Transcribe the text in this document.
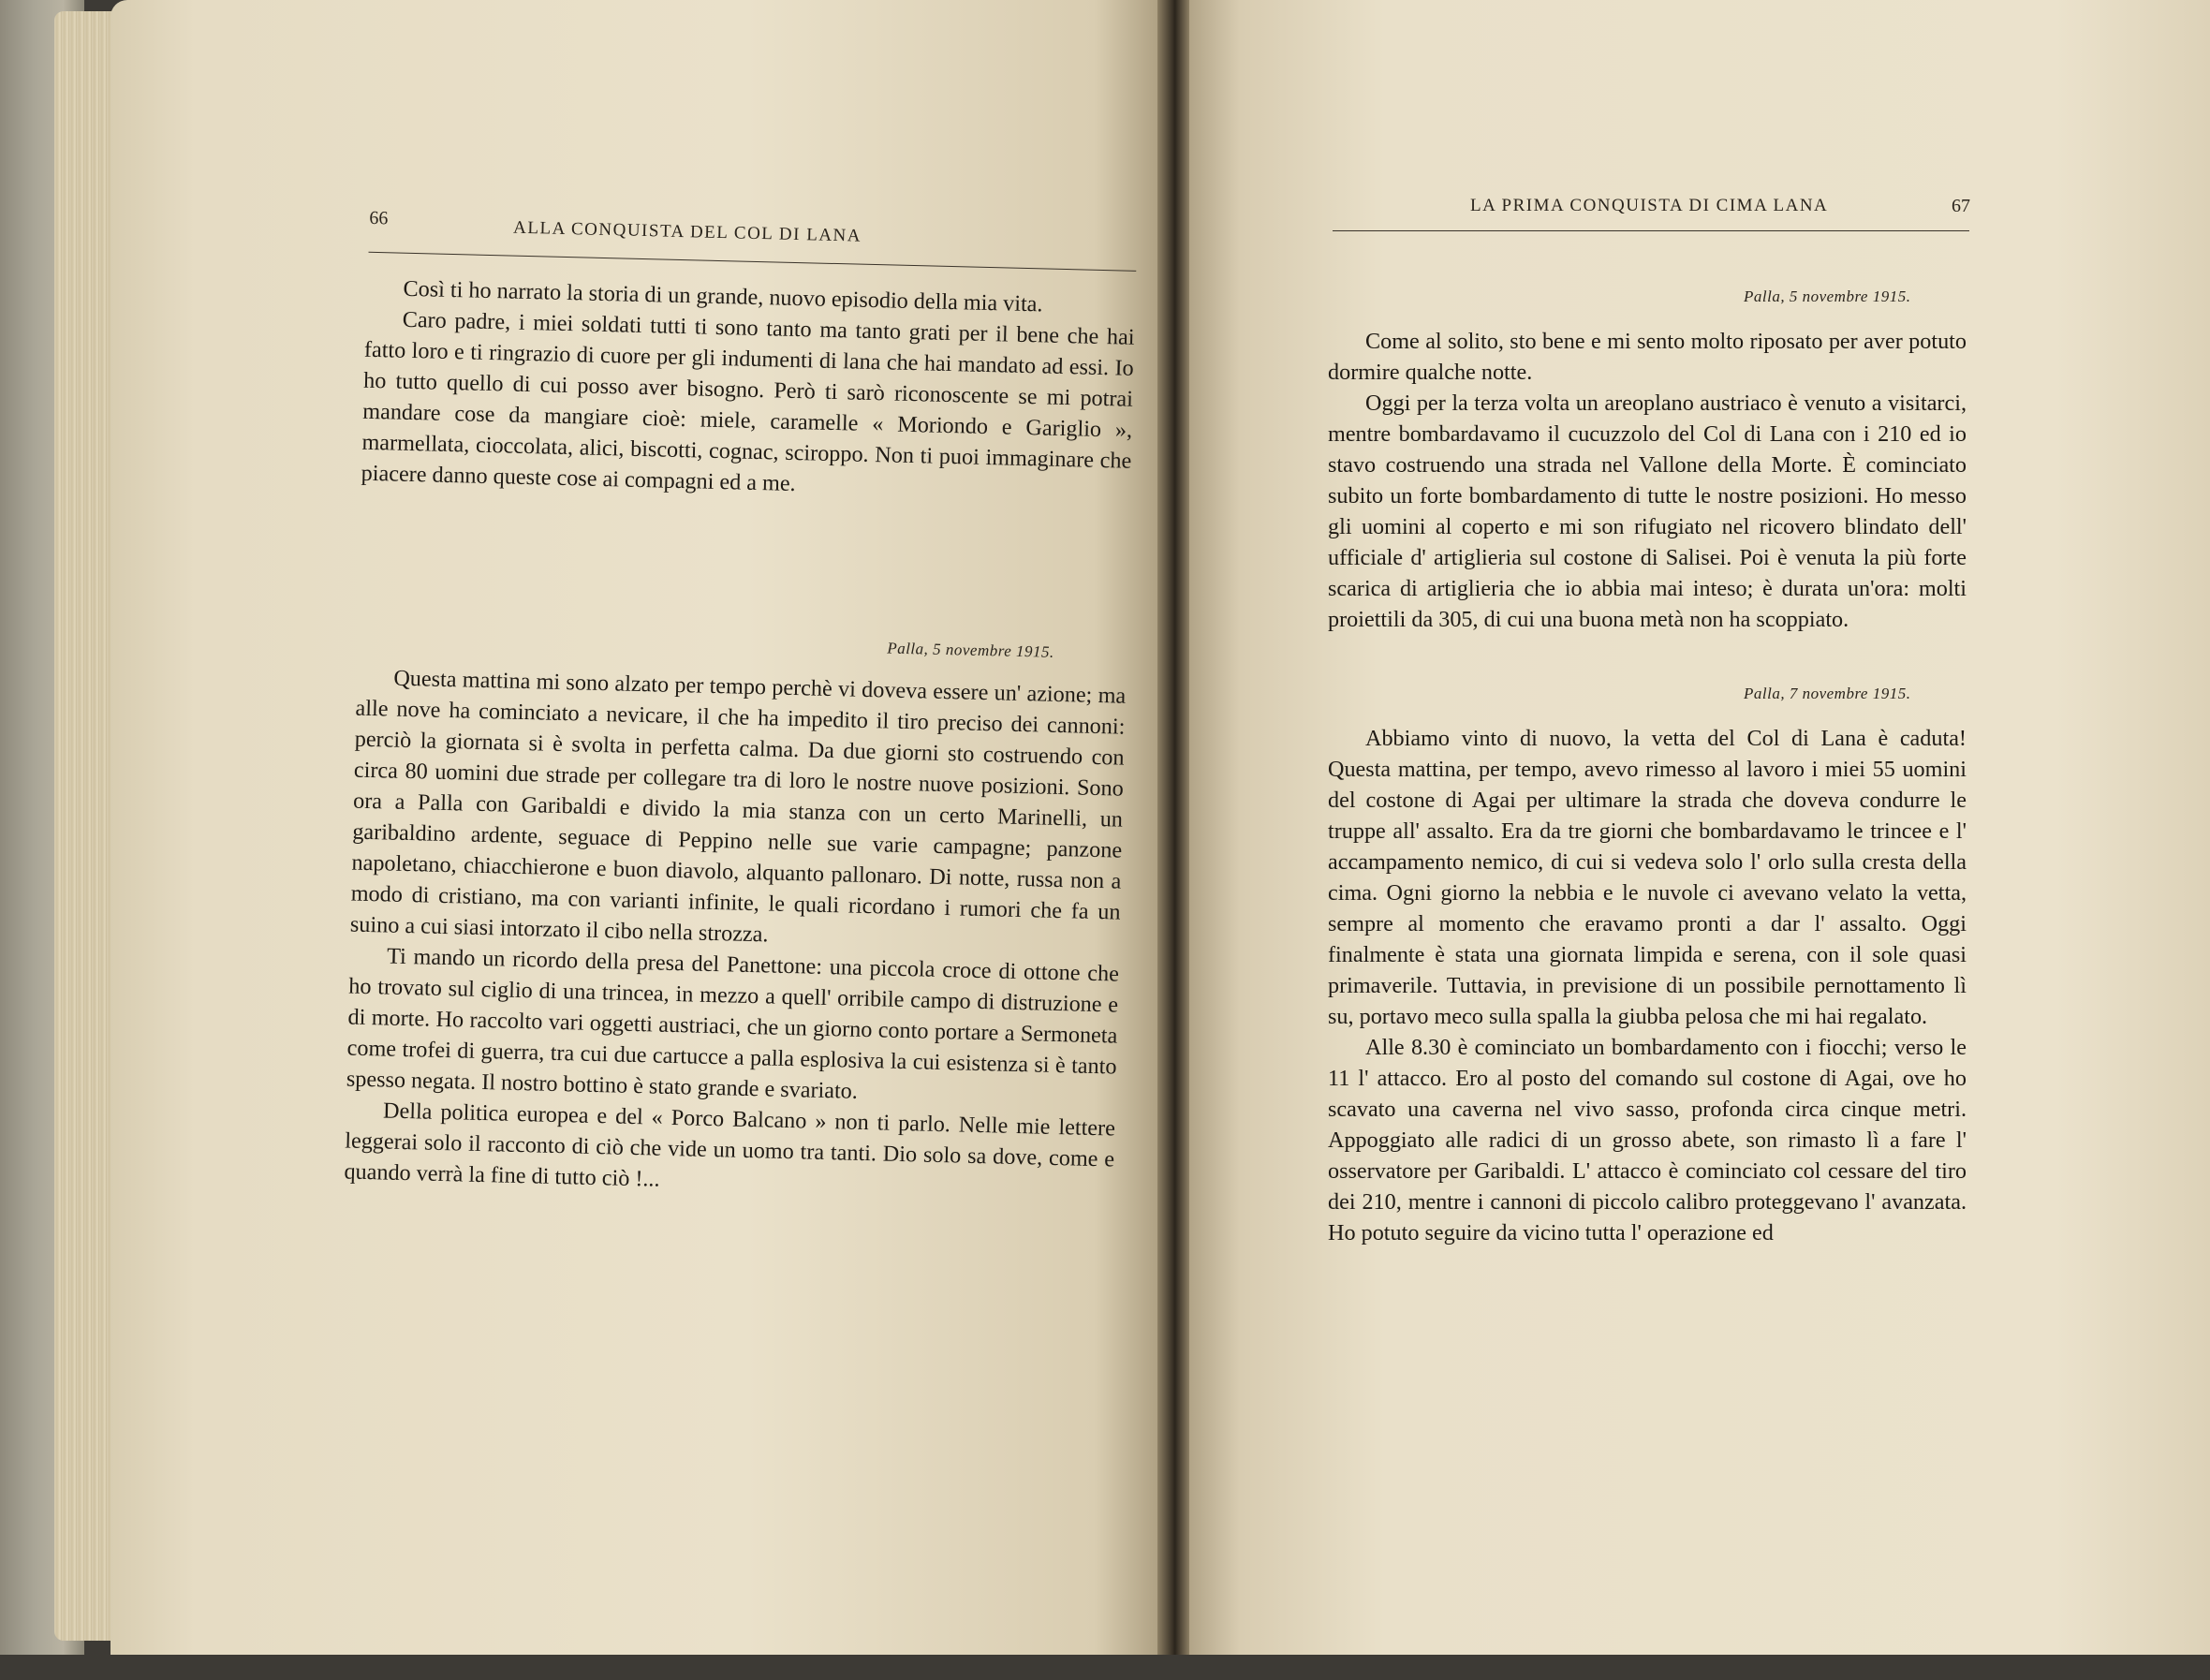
66	ALLA CONQUISTA DEL COL DI LANA

Così ti ho narrato la storia di un grande, nuovo episodio della mia vita.

Caro padre, i miei soldati tutti ti sono tanto ma tanto grati per il bene che hai fatto loro e ti ringrazio di cuore per gli indumenti di lana che hai mandato ad essi. Io ho tutto quello di cui posso aver bisogno. Però ti sarò riconoscente se mi potrai mandare cose da mangiare cioè: miele, caramelle « Moriondo e Gariglio », marmellata, cioccolata, alici, biscotti, cognac, sciroppo. Non ti puoi immaginare che piacere danno queste cose ai compagni ed a me.

Palla, 5 novembre 1915.

Questa mattina mi sono alzato per tempo perchè vi doveva essere un' azione; ma alle nove ha cominciato a nevicare, il che ha impedito il tiro preciso dei cannoni: perciò la giornata si è svolta in perfetta calma. Da due giorni sto costruendo con circa 80 uomini due strade per collegare tra di loro le nostre nuove posizioni. Sono ora a Palla con Garibaldi e divido la mia stanza con un certo Marinelli, un garibaldino ardente, seguace di Peppino nelle sue varie campagne; panzone napoletano, chiacchierone e buon diavolo, alquanto pallonaro. Di notte, russa non a modo di cristiano, ma con varianti infinite, le quali ricordano i rumori che fa un suino a cui siasi intorzato il cibo nella strozza.

Ti mando un ricordo della presa del Panettone: una piccola croce di ottone che ho trovato sul ciglio di una trincea, in mezzo a quell' orribile campo di distruzione e di morte. Ho raccolto vari oggetti austriaci, che un giorno conto portare a Sermoneta come trofei di guerra, tra cui due cartucce a palla esplosiva la cui esistenza si è tanto spesso negata. Il nostro bottino è stato grande e svariato.

Della politica europea e del « Porco Balcano » non ti parlo. Nelle mie lettere leggerai solo il racconto di ciò che vide un uomo tra tanti. Dio solo sa dove, come e quando verrà la fine di tutto ciò !...

LA PRIMA CONQUISTA DI CIMA LANA	67
Palla, 5 novembre 1915.

Come al solito, sto bene e mi sento molto riposato per aver potuto dormire qualche notte.

Oggi per la terza volta un areoplano austriaco è venuto a visitarci, mentre bombardavamo il cucuzzolo del Col di Lana con i 210 ed io stavo costruendo una strada nel Vallone della Morte. È cominciato subito un forte bombardamento di tutte le nostre posizioni. Ho messo gli uomini al coperto e mi son rifugiato nel ricovero blindato dell' ufficiale d' artiglieria sul costone di Salisei. Poi è venuta la più forte scarica di artiglieria che io abbia mai inteso; è durata un'ora: molti proiettili da 305, di cui una buona metà non ha scoppiato.

Palla, 7 novembre 1915.

Abbiamo vinto di nuovo, la vetta del Col di Lana è caduta! Questa mattina, per tempo, avevo rimesso al lavoro i miei 55 uomini del costone di Agai per ultimare la strada che doveva condurre le truppe all' assalto. Era da tre giorni che bombardavamo le trincee e l' accampamento nemico, di cui si vedeva solo l' orlo sulla cresta della cima. Ogni giorno la nebbia e le nuvole ci avevano velato la vetta, sempre al momento che eravamo pronti a dar l' assalto. Oggi finalmente è stata una giornata limpida e serena, con il sole quasi primaverile. Tuttavia, in previsione di un possibile pernottamento lì su, portavo meco sulla spalla la giubba pelosa che mi hai regalato.

Alle 8.30 è cominciato un bombardamento con i fiocchi; verso le 11 l' attacco. Ero al posto del comando sul costone di Agai, ove ho scavato una caverna nel vivo sasso, profonda circa cinque metri. Appoggiato alle radici di un grosso abete, son rimasto lì a fare l' osservatore per Garibaldi. L' attacco è cominciato col cessare del tiro dei 210, mentre i cannoni di piccolo calibro proteggevano l' avanzata. Ho potuto seguire da vicino tutta l' operazione ed
